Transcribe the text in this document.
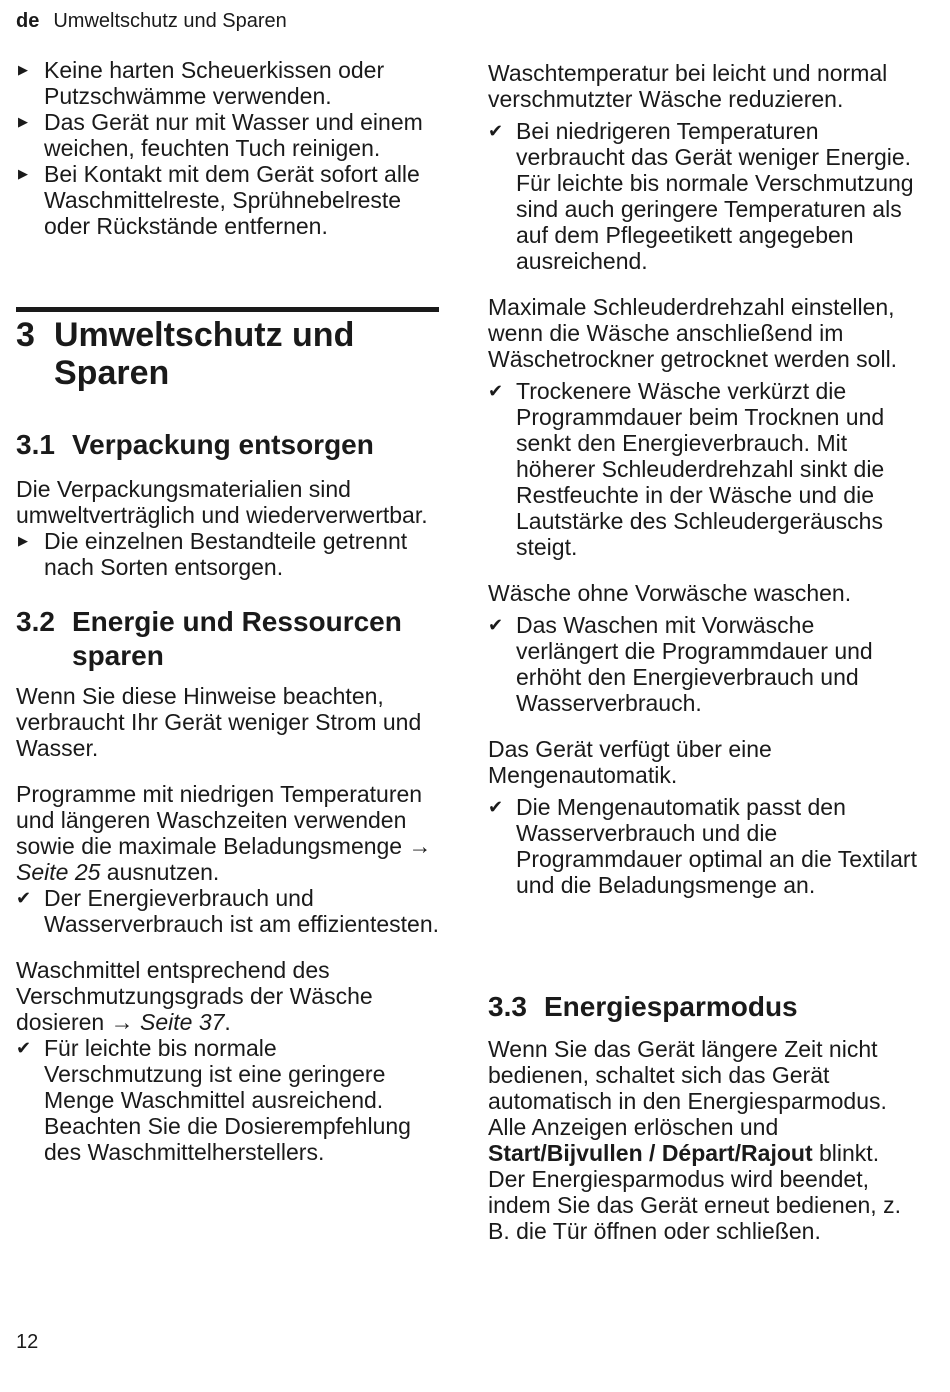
de Umweltschutz und Sparen
▶ Keine harten Scheuerkissen oder Putzschwämme verwenden.
▶ Das Gerät nur mit Wasser und einem weichen, feuchten Tuch reinigen.
▶ Bei Kontakt mit dem Gerät sofort alle Waschmittelreste, Sprühnebelreste oder Rückstände entfernen.
3 Umweltschutz und
Sparen
3.1 Verpackung entsorgen

Die Verpackungsmaterialien sind umweltverträglich und wiederverwertbar.

▶ Die einzelnen Bestandteile getrennt nach Sorten entsorgen.
3.2 Energie und Ressourcen
sparen

Wenn Sie diese Hinweise beachten, verbraucht Ihr Gerät weniger Strom und Wasser.

Programme mit niedrigen Temperaturen und längeren Waschzeiten verwenden sowie die maximale Beladungsmenge → Seite 25 ausnutzen.

✔ Der Energieverbrauch und Wasserverbrauch ist am effizientesten.

Waschmittel entsprechend des Verschmutzungsgrads der Wäsche dosieren → Seite 37.

✔ Für leichte bis normale Verschmutzung ist eine geringere Menge Waschmittel ausreichend. Beachten Sie die Dosierempfehlung des Waschmittelherstellers.

Waschtemperatur bei leicht und normal verschmutzter Wäsche reduzieren.

✔ Bei niedrigeren Temperaturen verbraucht das Gerät weniger Energie. Für leichte bis normale Verschmutzung sind auch geringere Temperaturen als auf dem Pflegeetikett angegeben ausreichend.

Maximale Schleuderdrehzahl einstellen, wenn die Wäsche anschließend im Wäschetrockner getrocknet werden soll.

✔ Trockenere Wäsche verkürzt die Programmdauer beim Trocknen und senkt den Energieverbrauch. Mit höherer Schleuderdrehzahl sinkt die Restfeuchte in der Wäsche und die Lautstärke des Schleudergeräuschs steigt.

Wäsche ohne Vorwäsche waschen.

✔ Das Waschen mit Vorwäsche verlängert die Programmdauer und erhöht den Energieverbrauch und Wasserverbrauch.

Das Gerät verfügt über eine Mengenautomatik.

✔ Die Mengenautomatik passt den Wasserverbrauch und die Programmdauer optimal an die Textilart und die Beladungsmenge an.
3.3 Energiesparmodus

Wenn Sie das Gerät längere Zeit nicht bedienen, schaltet sich das Gerät automatisch in den Energiesparmodus. Alle Anzeigen erlöschen und Start/Bijvullen / Départ/Rajout blinkt. Der Energiesparmodus wird beendet, indem Sie das Gerät erneut bedienen, z. B. die Tür öffnen oder schließen.

12
